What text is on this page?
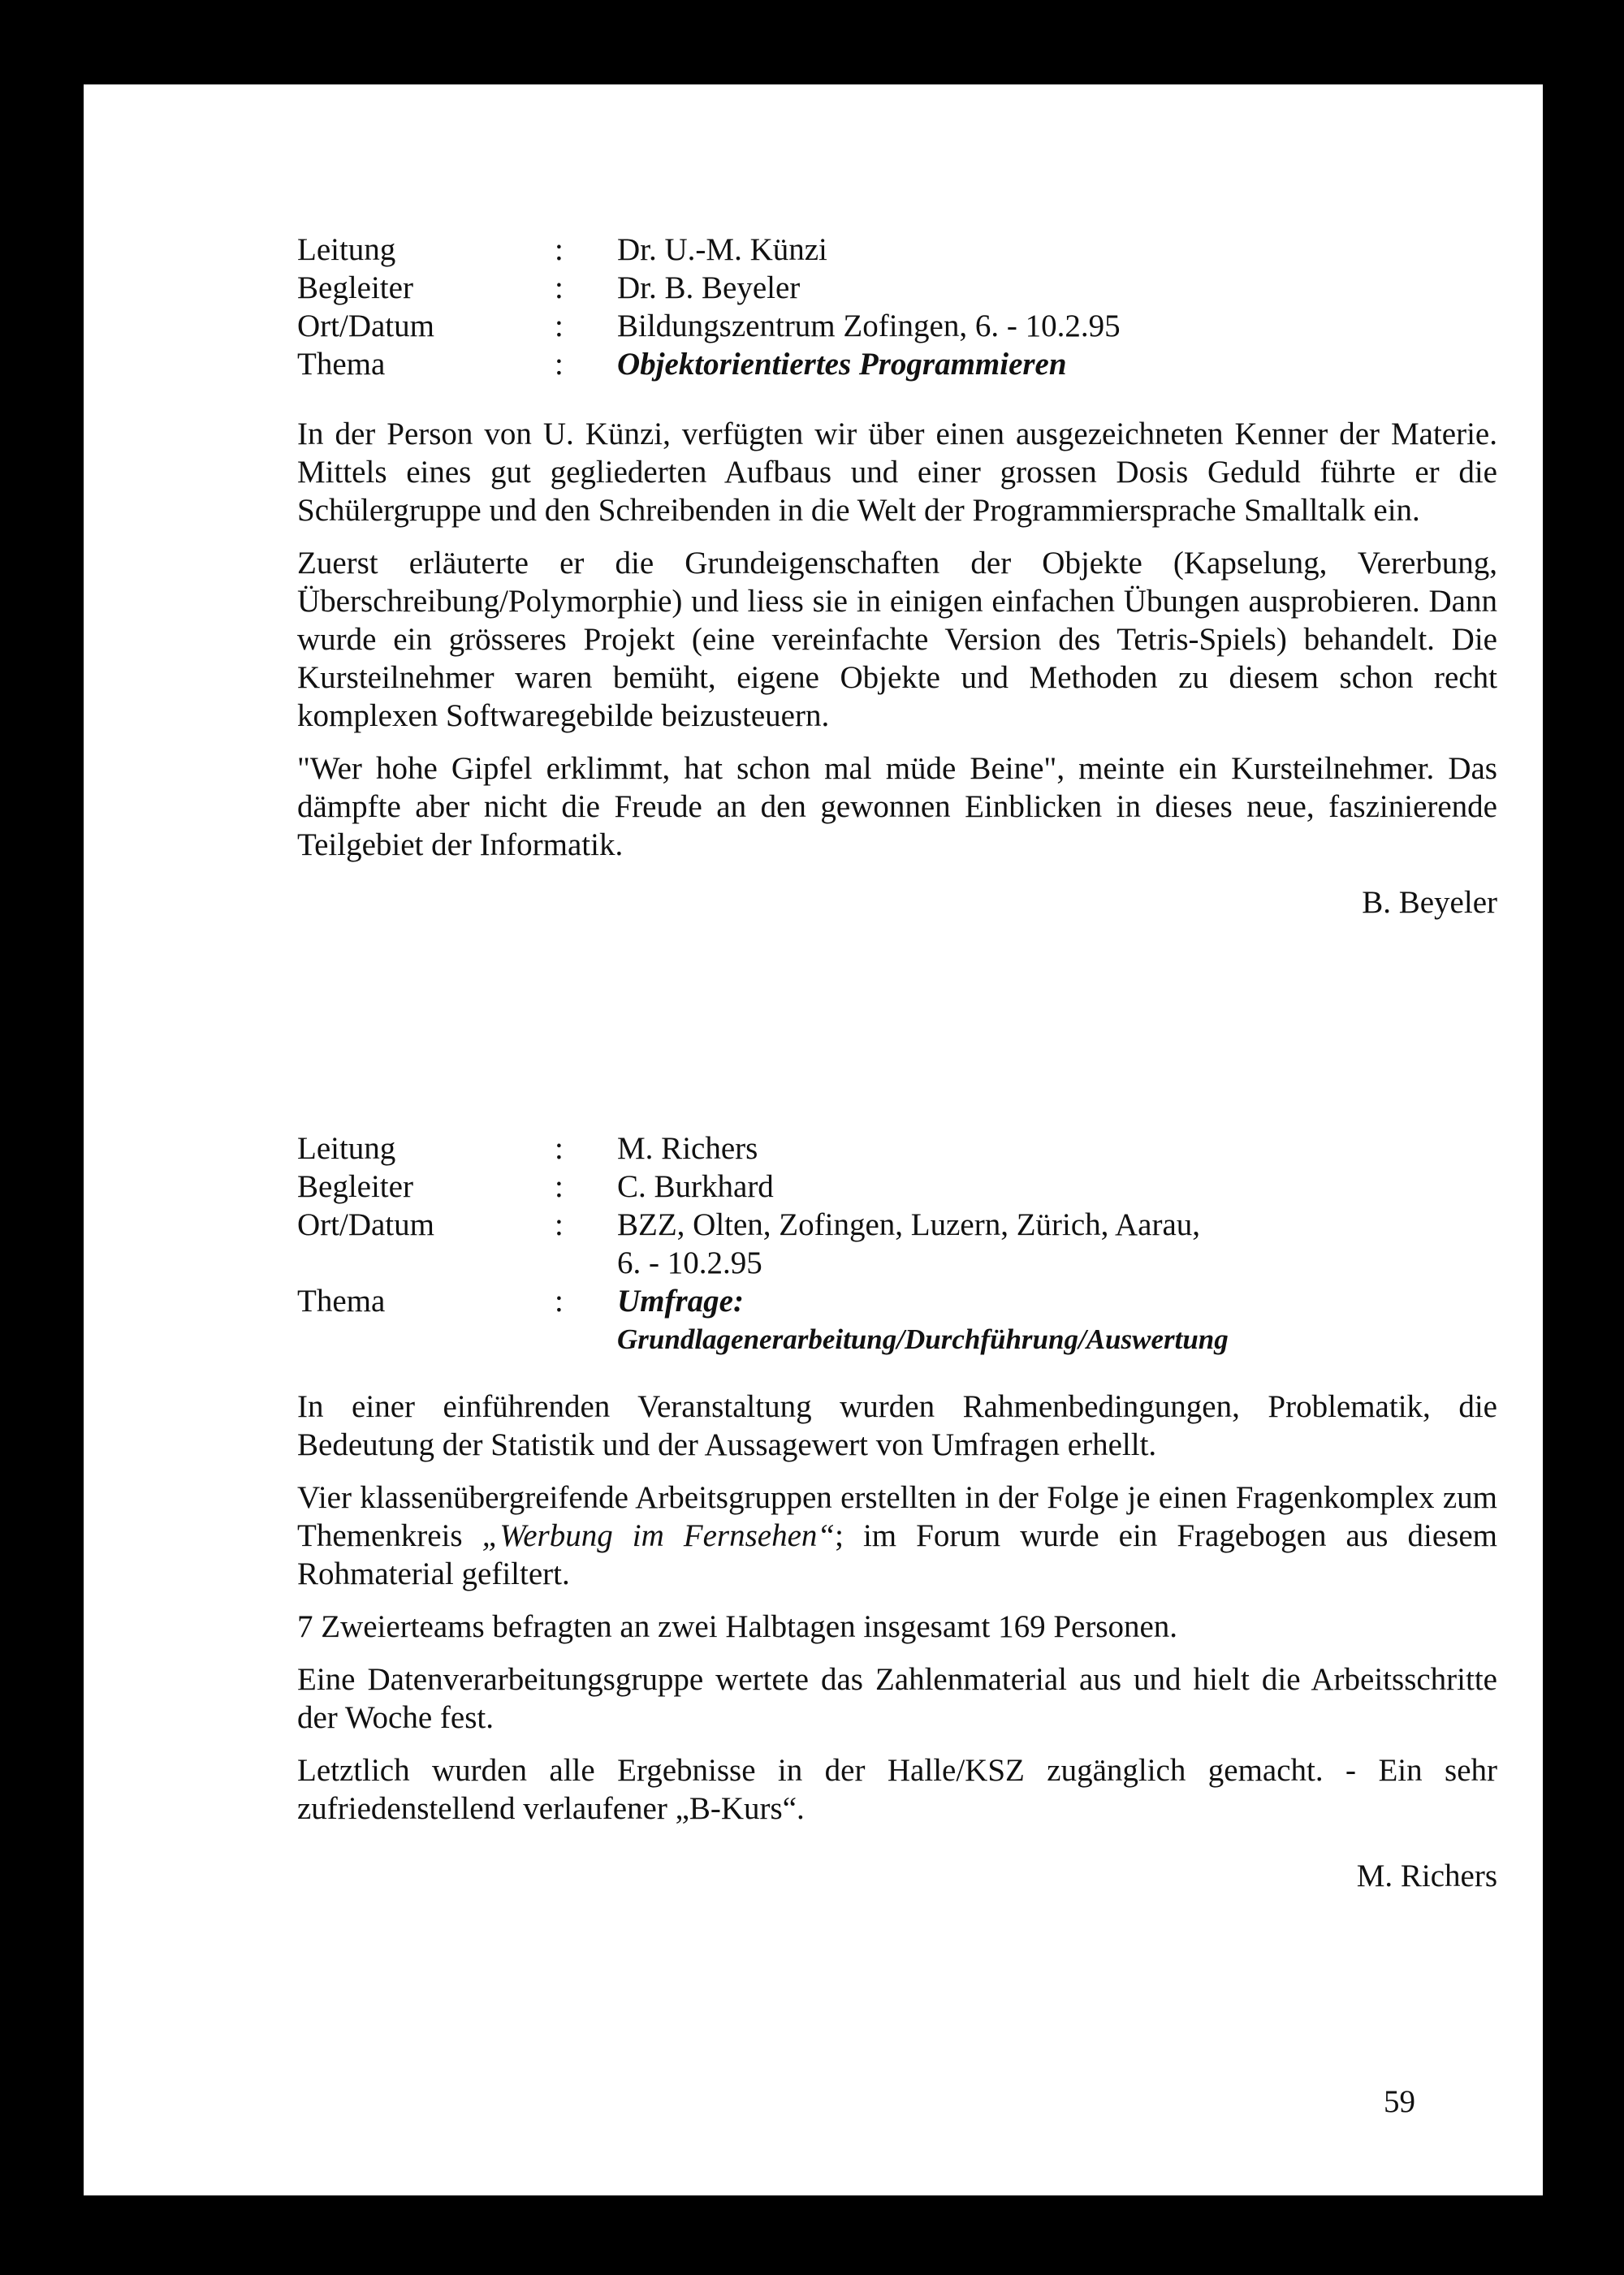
Leitung	:	Dr. U.-M. Künzi
Begleiter	:	Dr. B. Beyeler
Ort/Datum	:	Bildungszentrum Zofingen, 6. - 10.2.95
Thema	:	Objektorientiertes Programmieren

In der Person von U. Künzi, verfügten wir über einen ausgezeichneten Kenner der Materie. Mittels eines gut gegliederten Aufbaus und einer grossen Dosis Geduld führte er die Schülergruppe und den Schreibenden in die Welt der Programmiersprache Smalltalk ein.

Zuerst erläuterte er die Grundeigenschaften der Objekte (Kapselung, Vererbung, Überschreibung/Polymorphie) und liess sie in einigen einfachen Übungen ausprobieren. Dann wurde ein grösseres Projekt (eine vereinfachte Version des Tetris-Spiels) behandelt. Die Kursteilnehmer waren bemüht, eigene Objekte und Methoden zu diesem schon recht komplexen Softwaregebilde beizusteuern.

"Wer hohe Gipfel erklimmt, hat schon mal müde Beine", meinte ein Kursteilnehmer. Das dämpfte aber nicht die Freude an den gewonnen Einblicken in dieses neue, faszinierende Teilgebiet der Informatik.

B. Beyeler
Leitung	:	M. Richers
Begleiter	:	C. Burkhard
Ort/Datum	:	BZZ, Olten, Zofingen, Luzern, Zürich, Aarau,
6. - 10.2.95
Thema	:	Umfrage:
Grundlagenerarbeitung/Durchführung/Auswertung

In einer einführenden Veranstaltung wurden Rahmenbedingungen, Problematik, die Bedeutung der Statistik und der Aussagewert von Umfragen erhellt.

Vier klassenübergreifende Arbeitsgruppen erstellten in der Folge je einen Fragenkomplex zum Themenkreis „Werbung im Fernsehen“; im Forum wurde ein Fragebogen aus diesem Rohmaterial gefiltert.

7 Zweierteams befragten an zwei Halbtagen insgesamt 169 Personen.

Eine Datenverarbeitungsgruppe wertete das Zahlenmaterial aus und hielt die Arbeitsschritte der Woche fest.

Letztlich wurden alle Ergebnisse in der Halle/KSZ zugänglich gemacht. - Ein sehr zufriedenstellend verlaufener „B-Kurs“.

M. Richers
59
